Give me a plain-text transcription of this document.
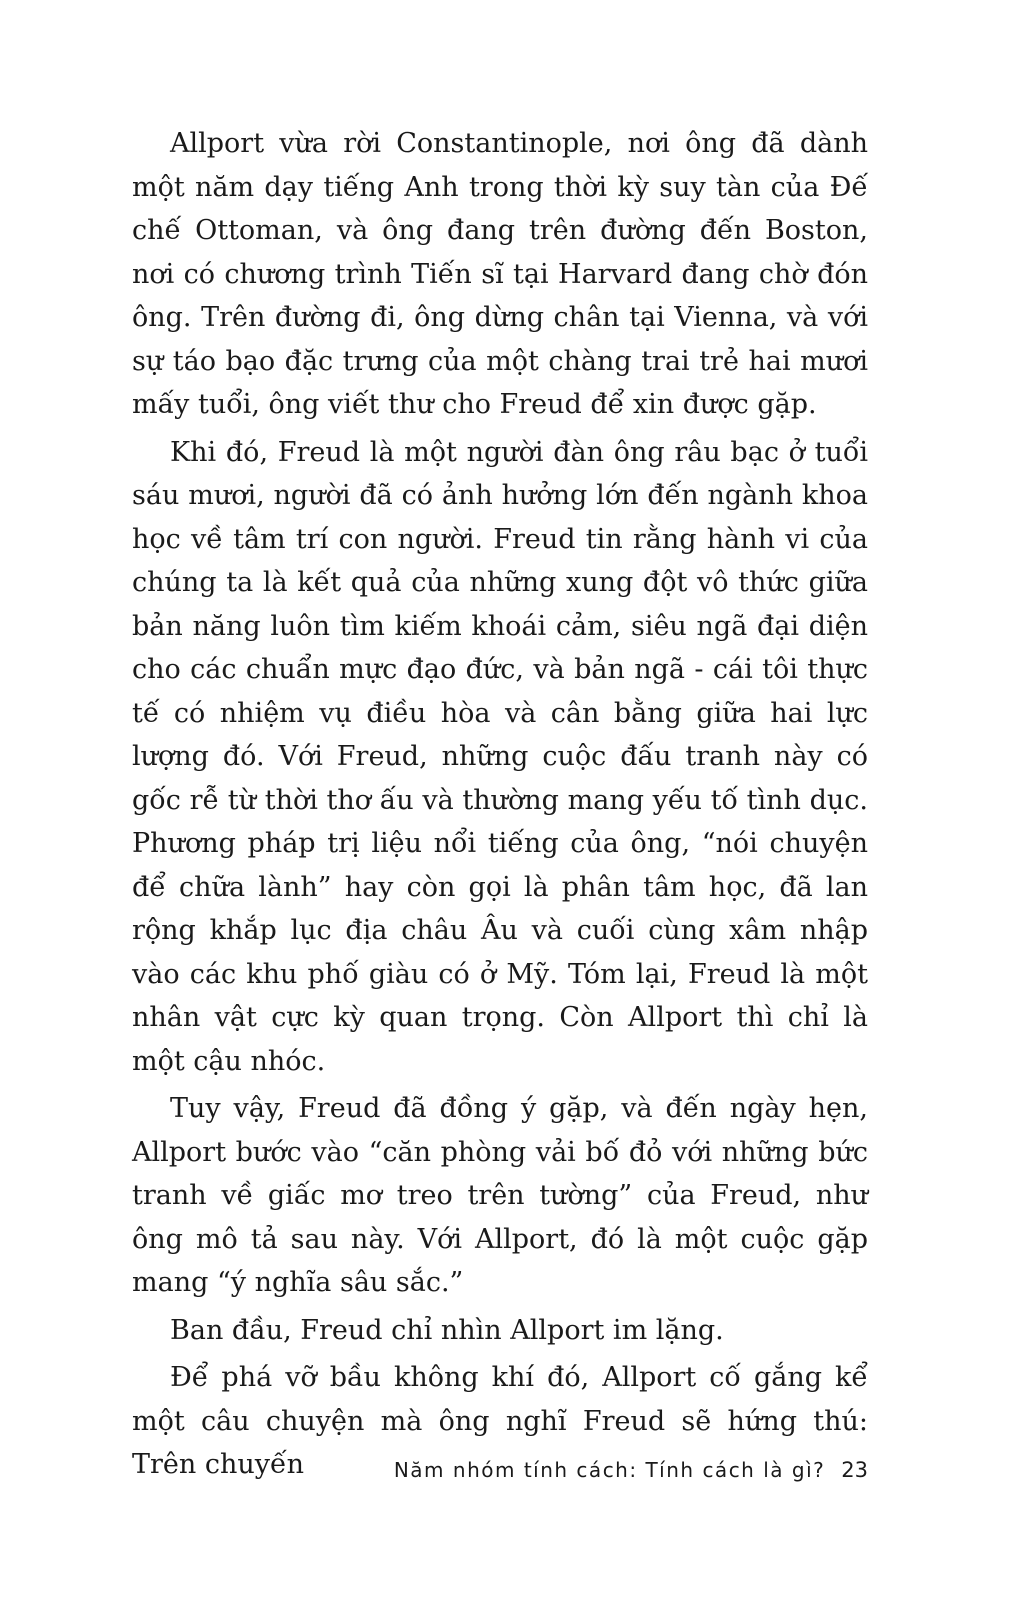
Allport vừa rời Constantinople, nơi ông đã dành một năm dạy tiếng Anh trong thời kỳ suy tàn của Đế chế Ottoman, và ông đang trên đường đến Boston, nơi có chương trình Tiến sĩ tại Harvard đang chờ đón ông. Trên đường đi, ông dừng chân tại Vienna, và với sự táo bạo đặc trưng của một chàng trai trẻ hai mươi mấy tuổi, ông viết thư cho Freud để xin được gặp.

Khi đó, Freud là một người đàn ông râu bạc ở tuổi sáu mươi, người đã có ảnh hưởng lớn đến ngành khoa học về tâm trí con người. Freud tin rằng hành vi của chúng ta là kết quả của những xung đột vô thức giữa bản năng luôn tìm kiếm khoái cảm, siêu ngã đại diện cho các chuẩn mực đạo đức, và bản ngã - cái tôi thực tế có nhiệm vụ điều hòa và cân bằng giữa hai lực lượng đó. Với Freud, những cuộc đấu tranh này có gốc rễ từ thời thơ ấu và thường mang yếu tố tình dục. Phương pháp trị liệu nổi tiếng của ông, “nói chuyện để chữa lành” hay còn gọi là phân tâm học, đã lan rộng khắp lục địa châu Âu và cuối cùng xâm nhập vào các khu phố giàu có ở Mỹ. Tóm lại, Freud là một nhân vật cực kỳ quan trọng. Còn Allport thì chỉ là một cậu nhóc.

Tuy vậy, Freud đã đồng ý gặp, và đến ngày hẹn, Allport bước vào “căn phòng vải bố đỏ với những bức tranh về giấc mơ treo trên tường” của Freud, như ông mô tả sau này. Với Allport, đó là một cuộc gặp mang “ý nghĩa sâu sắc.”

Ban đầu, Freud chỉ nhìn Allport im lặng.

Để phá vỡ bầu không khí đó, Allport cố gắng kể một câu chuyện mà ông nghĩ Freud sẽ hứng thú: Trên chuyến	Năm nhóm tính cách: Tính cách là gì? 23
